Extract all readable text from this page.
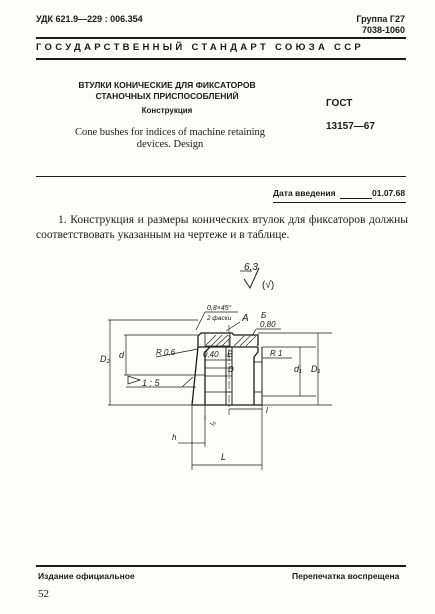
УДК 621.9—229 : 006.354	Группа Г27
7038-1060
ГОСУДАРСТВЕННЫЙ СТАНДАРТ СОЮЗА ССР
ВТУЛКИ КОНИЧЕСКИЕ ДЛЯ ФИКСАТОРОВ
СТАНОЧНЫХ ПРИСПОСОБЛЕНИЙ
Конструкция
Cone bushes for indices of machine retaining
devices. Design
ГОСТ
13157—67
Дата введения	01.07.68
1. Конструкция и размеры конических втулок для фиксаторов должны соответствовать указанным на чертеже и в таблице.
6,3
(√)
0,8×45°
2 фаски А Б
0,80
D₂ d	R 0,6	0,40 В
D
1 : 5
R 1
d₁ D₁
l
L
h
l₅
Издание официальное	Перепечатка воспрещена
52
